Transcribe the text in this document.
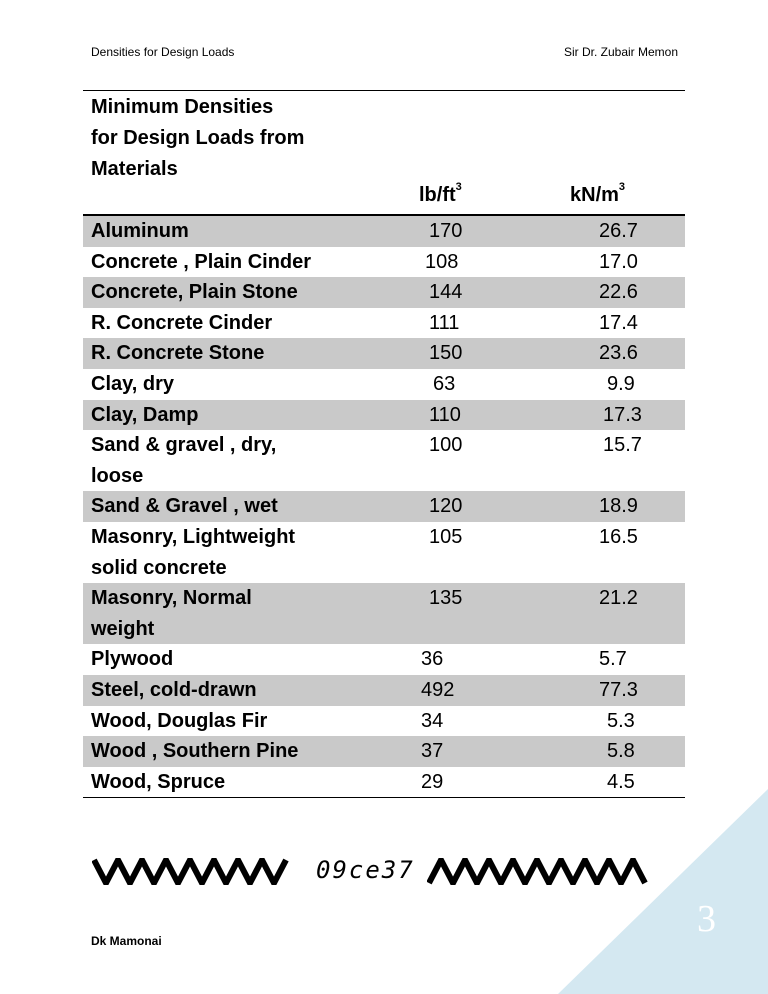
Densities for Design Loads	Sir Dr. Zubair Memon
Minimum Densities
for Design Loads from
Materials
$lb/ft^3$	$kN/m^3$
Aluminum	170	26.7

Concrete , Plain Cinder	108	17.0

Concrete, Plain Stone	144	22.6

R. Concrete Cinder	111	17.4

R. Concrete Stone	150	23.6

Clay, dry	63	9.9

Clay, Damp	110	17.3

Sand & gravel , dry,
loose	100	15.7

Sand & Gravel , wet	120	18.9

Masonry, Lightweight
solid concrete	105	16.5

Masonry, Normal
weight	135	21.2

Plywood	36	5.7

Steel, cold-drawn	492	77.3

Wood, Douglas Fir	34	5.3

Wood , Southern Pine	37	5.8

Wood, Spruce	29	4.5
09ce37
3
Dk Mamonai
